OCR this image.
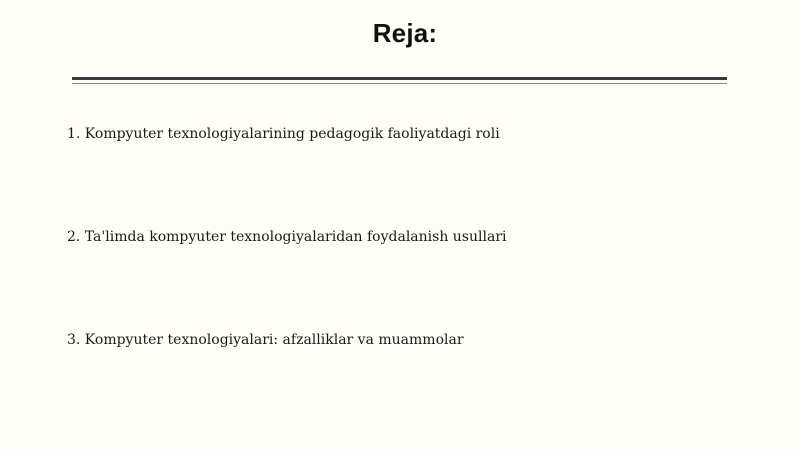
Reja:
1. Kompyuter texnologiyalarining pedagogik faoliyatdagi roli
2. Ta'limda kompyuter texnologiyalaridan foydalanish usullari
3. Kompyuter texnologiyalari: afzalliklar va muammolar
